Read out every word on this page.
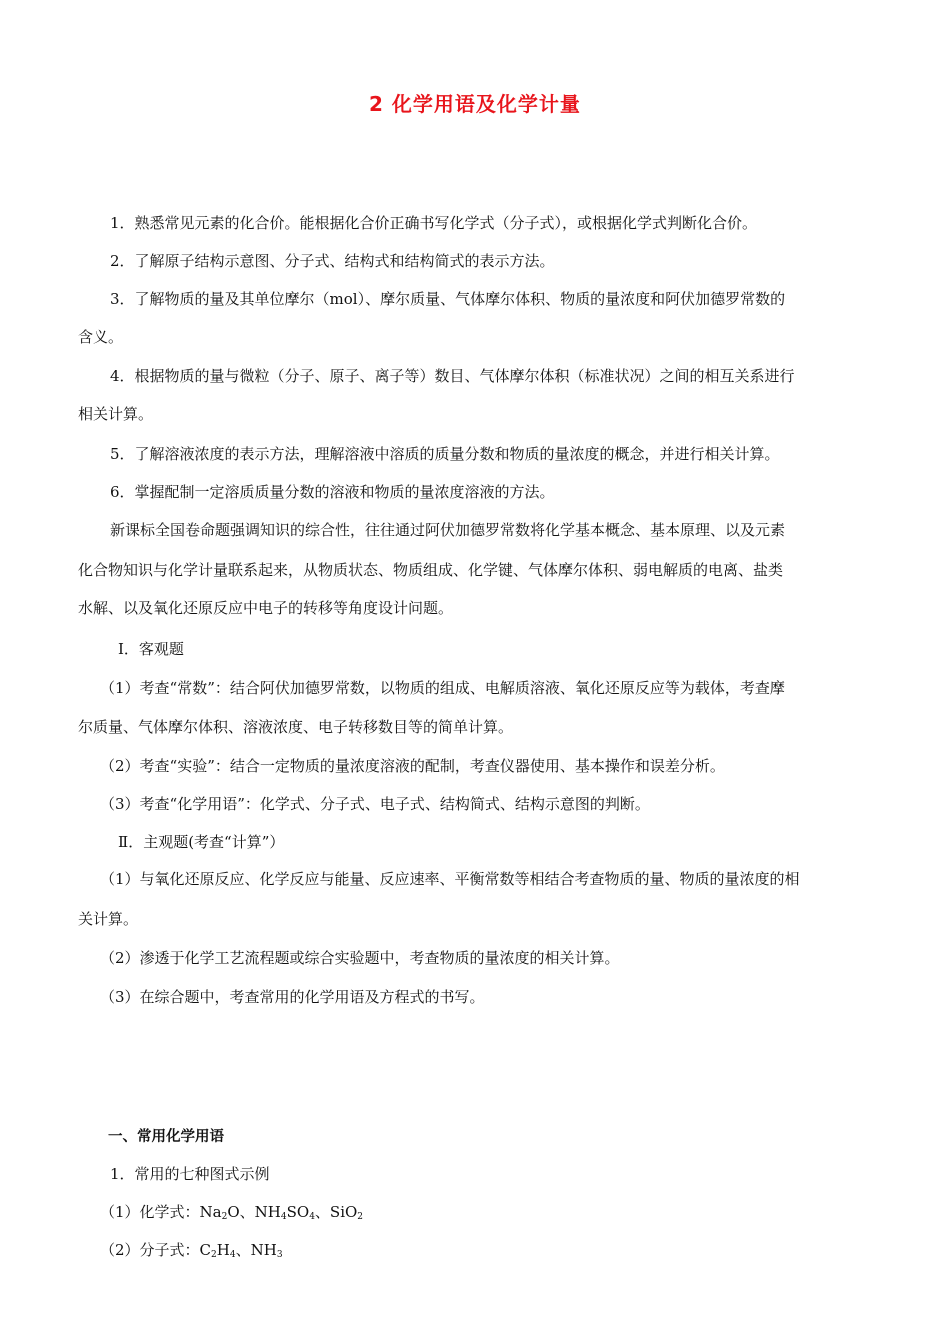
2 化学用语及化学计量
1．熟悉常见元素的化合价。能根据化合价正确书写化学式（分子式），或根据化学式判断化合价。
2．了解原子结构示意图、分子式、结构式和结构简式的表示方法。
3．了解物质的量及其单位摩尔（mol）、摩尔质量、气体摩尔体积、物质的量浓度和阿伏加德罗常数的
含义。
4．根据物质的量与微粒（分子、原子、离子等）数目、气体摩尔体积（标准状况）之间的相互关系进行
相关计算。
5．了解溶液浓度的表示方法，理解溶液中溶质的质量分数和物质的量浓度的概念，并进行相关计算。
6．掌握配制一定溶质质量分数的溶液和物质的量浓度溶液的方法。
新课标全国卷命题强调知识的综合性，往往通过阿伏加德罗常数将化学基本概念、基本原理、以及元素
化合物知识与化学计量联系起来，从物质状态、物质组成、化学键、气体摩尔体积、弱电解质的电离、盐类
水解、以及氧化还原反应中电子的转移等角度设计问题。
Ⅰ．客观题
（1）考查“常数”：结合阿伏加德罗常数，以物质的组成、电解质溶液、氧化还原反应等为载体，考查摩
尔质量、气体摩尔体积、溶液浓度、电子转移数目等的简单计算。
（2）考查“实验”：结合一定物质的量浓度溶液的配制，考查仪器使用、基本操作和误差分析。
（3）考查“化学用语”：化学式、分子式、电子式、结构简式、结构示意图的判断。
Ⅱ．主观题(考查“计算”）
（1）与氧化还原反应、化学反应与能量、反应速率、平衡常数等相结合考查物质的量、物质的量浓度的相
关计算。
（2）渗透于化学工艺流程题或综合实验题中，考查物质的量浓度的相关计算。
（3）在综合题中，考查常用的化学用语及方程式的书写。
一、常用化学用语
1．常用的七种图式示例
（1）化学式：$Na_2O$、$NH_4SO_4$、SiO$_2$
（2）分子式：$C_2H_4$、$NH_3$
